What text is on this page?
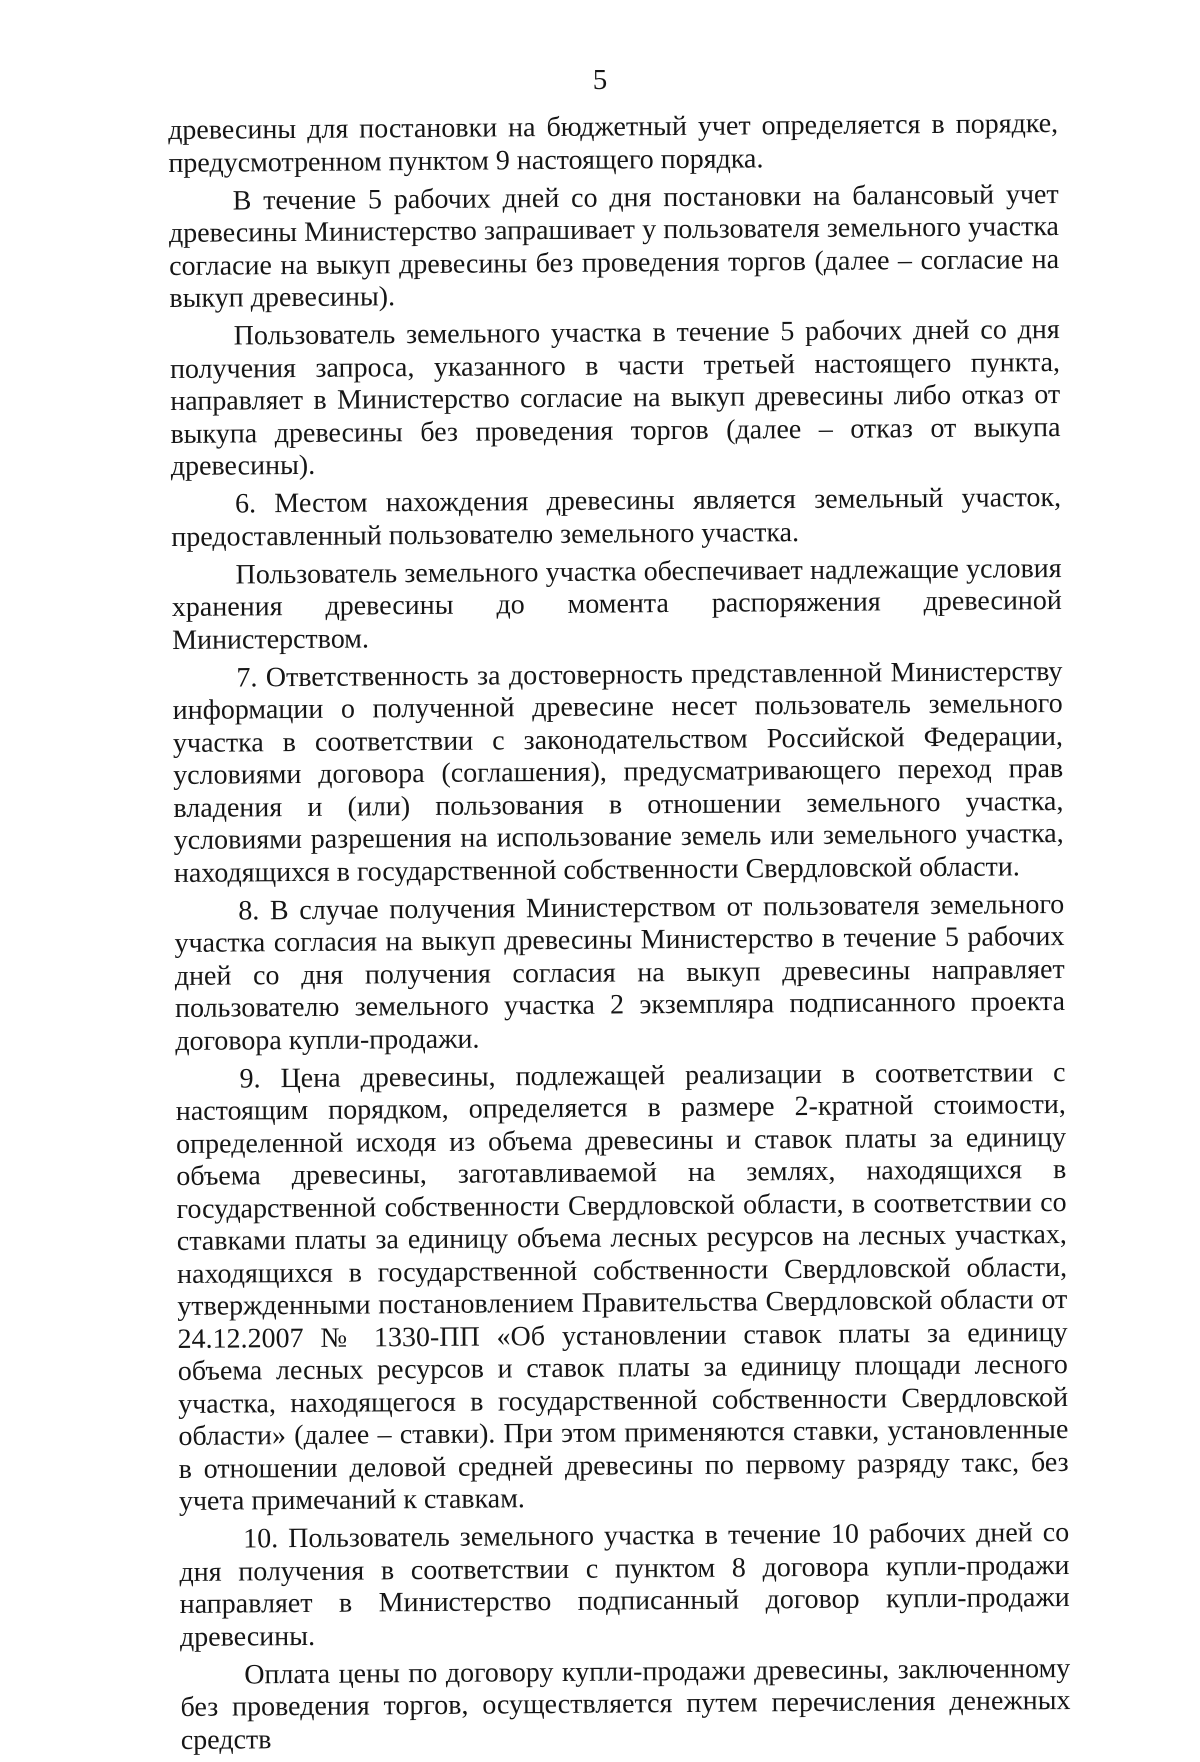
5

древесины для постановки на бюджетный учет определяется в порядке, предусмотренном пунктом 9 настоящего порядка.

В течение 5 рабочих дней со дня постановки на балансовый учет древесины Министерство запрашивает у пользователя земельного участка согласие на выкуп древесины без проведения торгов (далее – согласие на выкуп древесины).

Пользователь земельного участка в течение 5 рабочих дней со дня получения запроса, указанного в части третьей настоящего пункта, направляет в Министерство согласие на выкуп древесины либо отказ от выкупа древесины без проведения торгов (далее – отказ от выкупа древесины).

6. Местом нахождения древесины является земельный участок, предоставленный пользователю земельного участка.

Пользователь земельного участка обеспечивает надлежащие условия хранения древесины до момента распоряжения древесиной Министерством.

7. Ответственность за достоверность представленной Министерству информации о полученной древесине несет пользователь земельного участка в соответствии с законодательством Российской Федерации, условиями договора (соглашения), предусматривающего переход прав владения и (или) пользования в отношении земельного участка, условиями разрешения на использование земель или земельного участка, находящихся в государственной собственности Свердловской области.

8. В случае получения Министерством от пользователя земельного участка согласия на выкуп древесины Министерство в течение 5 рабочих дней со дня получения согласия на выкуп древесины направляет пользователю земельного участка 2 экземпляра подписанного проекта договора купли-продажи.

9. Цена древесины, подлежащей реализации в соответствии с настоящим порядком, определяется в размере 2-кратной стоимости, определенной исходя из объема древесины и ставок платы за единицу объема древесины, заготавливаемой на землях, находящихся в государственной собственности Свердловской области, в соответствии со ставками платы за единицу объема лесных ресурсов на лесных участках, находящихся в государственной собственности Свердловской области, утвержденными постановлением Правительства Свердловской области от 24.12.2007 № 1330-ПП «Об установлении ставок платы за единицу объема лесных ресурсов и ставок платы за единицу площади лесного участка, находящегося в государственной собственности Свердловской области» (далее – ставки). При этом применяются ставки, установленные в отношении деловой средней древесины по первому разряду такс, без учета примечаний к ставкам.

10. Пользователь земельного участка в течение 10 рабочих дней со дня получения в соответствии с пунктом 8 договора купли-продажи направляет в Министерство подписанный договор купли-продажи древесины.

Оплата цены по договору купли-продажи древесины, заключенному без проведения торгов, осуществляется путем перечисления денежных средств
